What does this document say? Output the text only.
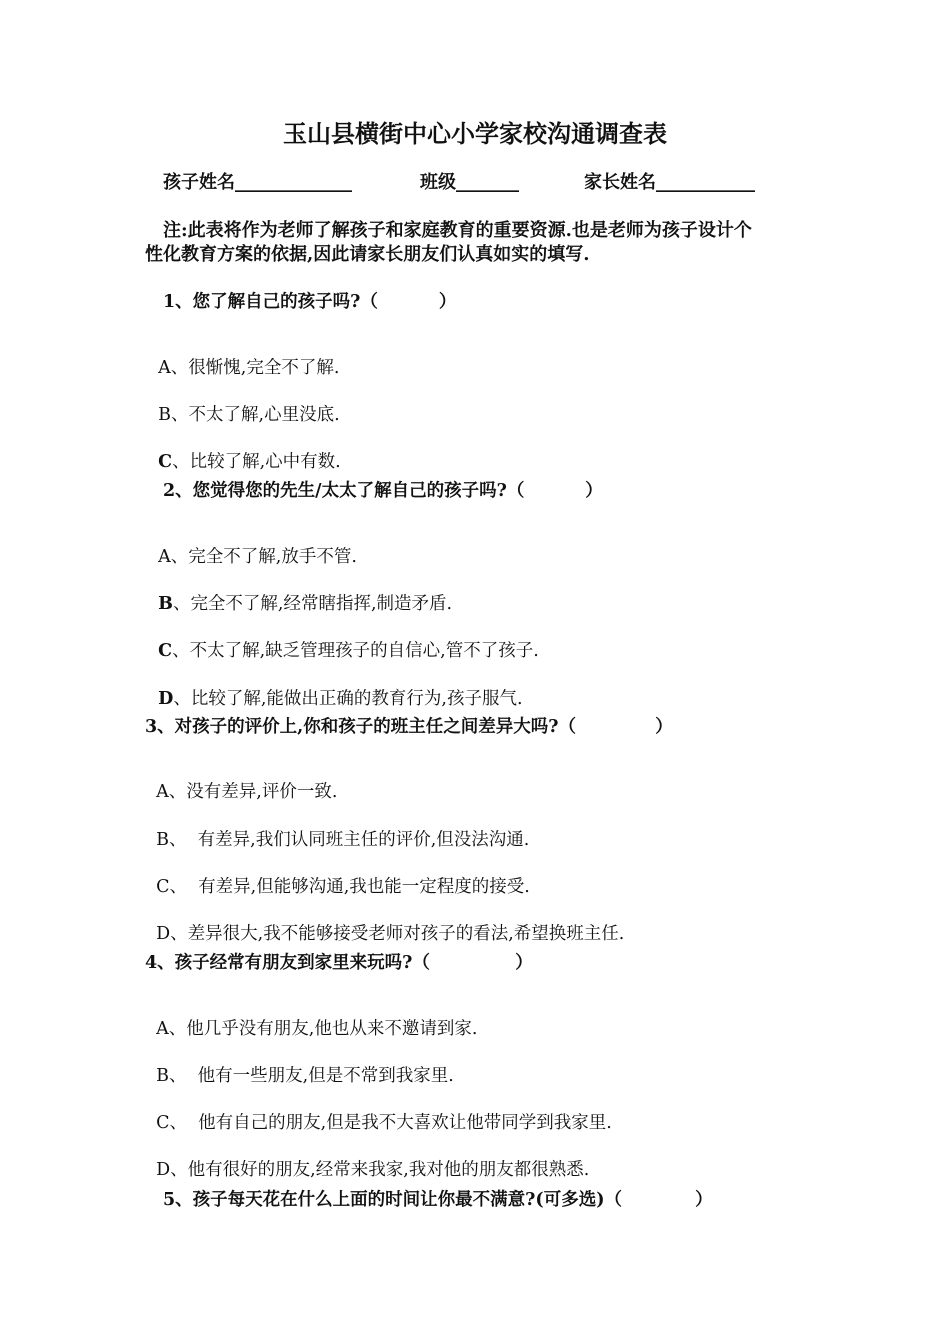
玉山县横街中心小学家校沟通调查表
孩子姓名_____________	班级_______	家长姓名___________
注:此表将作为老师了解孩子和家庭教育的重要资源.也是老师为孩子设计个
性化教育方案的依据,因此请家长朋友们认真如实的填写.
1、您了解自己的孩子吗?（          ）

A、很惭愧,完全不了解.

B、不太了解,心里没底.

C、比较了解,心中有数.

2、您觉得您的先生/太太了解自己的孩子吗?（          ）

A、完全不了解,放手不管.

B、完全不了解,经常瞎指挥,制造矛盾.

C、不太了解,缺乏管理孩子的自信心,管不了孩子.

D、比较了解,能做出正确的教育行为,孩子服气.

3、对孩子的评价上,你和孩子的班主任之间差异大吗?（             ）

A、没有差异,评价一致.

B、  有差异,我们认同班主任的评价,但没法沟通.

C、  有差异,但能够沟通,我也能一定程度的接受.

D、差异很大,我不能够接受老师对孩子的看法,希望换班主任.

4、孩子经常有朋友到家里来玩吗?（              ）

A、他几乎没有朋友,他也从来不邀请到家.

B、  他有一些朋友,但是不常到我家里.

C、  他有自己的朋友,但是我不大喜欢让他带同学到我家里.

D、他有很好的朋友,经常来我家,我对他的朋友都很熟悉.

5、孩子每天花在什么上面的时间让你最不满意?(可多选)（            ）
